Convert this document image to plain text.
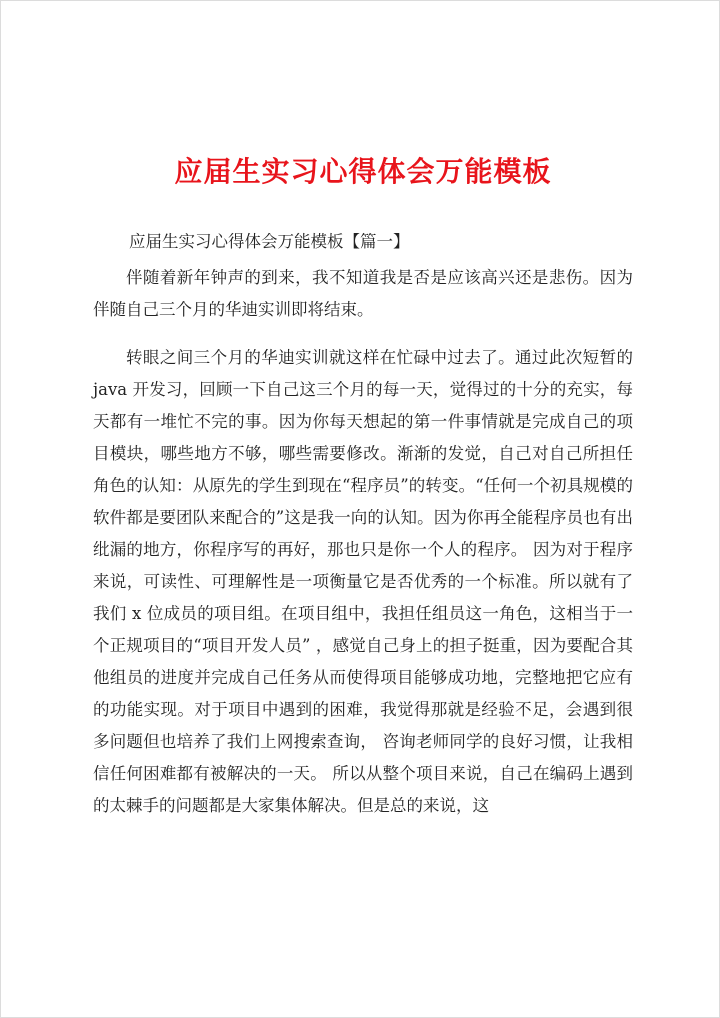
应届生实习心得体会万能模板

应届生实习心得体会万能模板【篇一】

伴随着新年钟声的到来，我不知道我是否是应该高兴还是悲伤。因为伴随自己三个月的华迪实训即将结束。

转眼之间三个月的华迪实训就这样在忙碌中过去了。通过此次短暂的 java 开发习，回顾一下自己这三个月的每一天，觉得过的十分的充实，每天都有一堆忙不完的事。因为你每天想起的第一件事情就是完成自己的项目模块，哪些地方不够，哪些需要修改。渐渐的发觉，自己对自己所担任角色的认知：从原先的学生到现在“程序员”的转变。“任何一个初具规模的软件都是要团队来配合的”这是我一向的认知。因为你再全能程序员也有出纰漏的地方，你程序写的再好，那也只是你一个人的程序。 因为对于程序来说，可读性、可理解性是一项衡量它是否优秀的一个标准。所以就有了我们 x 位成员的项目组。在项目组中，我担任组员这一角色，这相当于一个正规项目的“项目开发人员” ，感觉自己身上的担子挺重，因为要配合其他组员的进度并完成自己任务从而使得项目能够成功地，完整地把它应有的功能实现。对于项目中遇到的困难，我觉得那就是经验不足，会遇到很多问题但也培养了我们上网搜索查询， 咨询老师同学的良好习惯，让我相信任何困难都有被解决的一天。 所以从整个项目来说，自己在编码上遇到的太棘手的问题都是大家集体解决。但是总的来说，这
